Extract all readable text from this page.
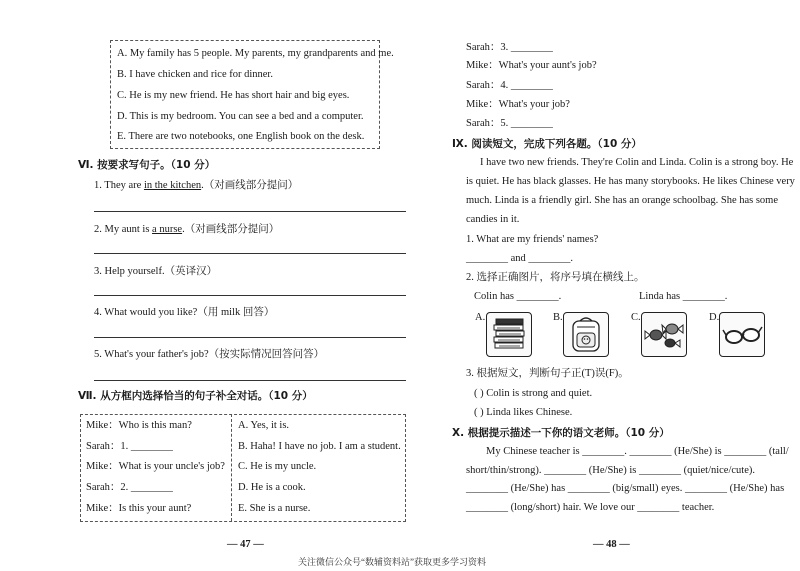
A. My family has 5 people. My parents, my grandparents and me.
B. I have chicken and rice for dinner.
C. He is my new friend. He has short hair and big eyes.
D. This is my bedroom. You can see a bed and a computer.
E. There are two notebooks, one English book on the desk.
Ⅵ. 按要求写句子。（10 分）
1. They are in the kitchen.（对画线部分提问）
2. My aunt is a nurse.（对画线部分提问）
3. Help yourself.（英译汉）
4. What would you like?（用 milk 回答）
5. What's your father's job?（按实际情况回答问答）
Ⅶ. 从方框内选择恰当的句子补全对话。（10 分）
Mike：Who is this man?
Sarah：1. ________
Mike：What is your uncle's job?
Sarah：2. ________
Mike：Is this your aunt?
A. Yes, it is.
B. Haha! I have no job. I am a student.
C. He is my uncle.
D. He is a cook.
E. She is a nurse.
— 47 —
Sarah：3. ________
Mike：What's your aunt's job?
Sarah：4. ________
Mike：What's your job?
Sarah：5. ________
Ⅸ. 阅读短文，完成下列各题。（10 分）
I have two new friends. They're Colin and Linda. Colin is a strong boy. He
is quiet. He has black glasses. He has many storybooks. He likes Chinese very
much. Linda is a friendly girl. She has an orange schoolbag. She has some
candies in it.
1. What are my friends' names?
________ and ________.
2. 选择正确图片，将序号填在横线上。
Colin has ________.	Linda has ________.
A.	B.	C.	D.
3. 根据短文，判断句子正(T)误(F)。
( ) Colin is strong and quiet.
( ) Linda likes Chinese.
Ⅹ. 根据提示描述一下你的语文老师。（10 分）
My Chinese teacher is ________. ________ (He/She) is ________ (tall/
short/thin/strong). ________ (He/She) is ________ (quiet/nice/cute).
________ (He/She) has ________ (big/small) eyes. ________ (He/She) has
________ (long/short) hair. We love our ________ teacher.
— 48 —
关注微信公众号“数辅资料站”获取更多学习资料
